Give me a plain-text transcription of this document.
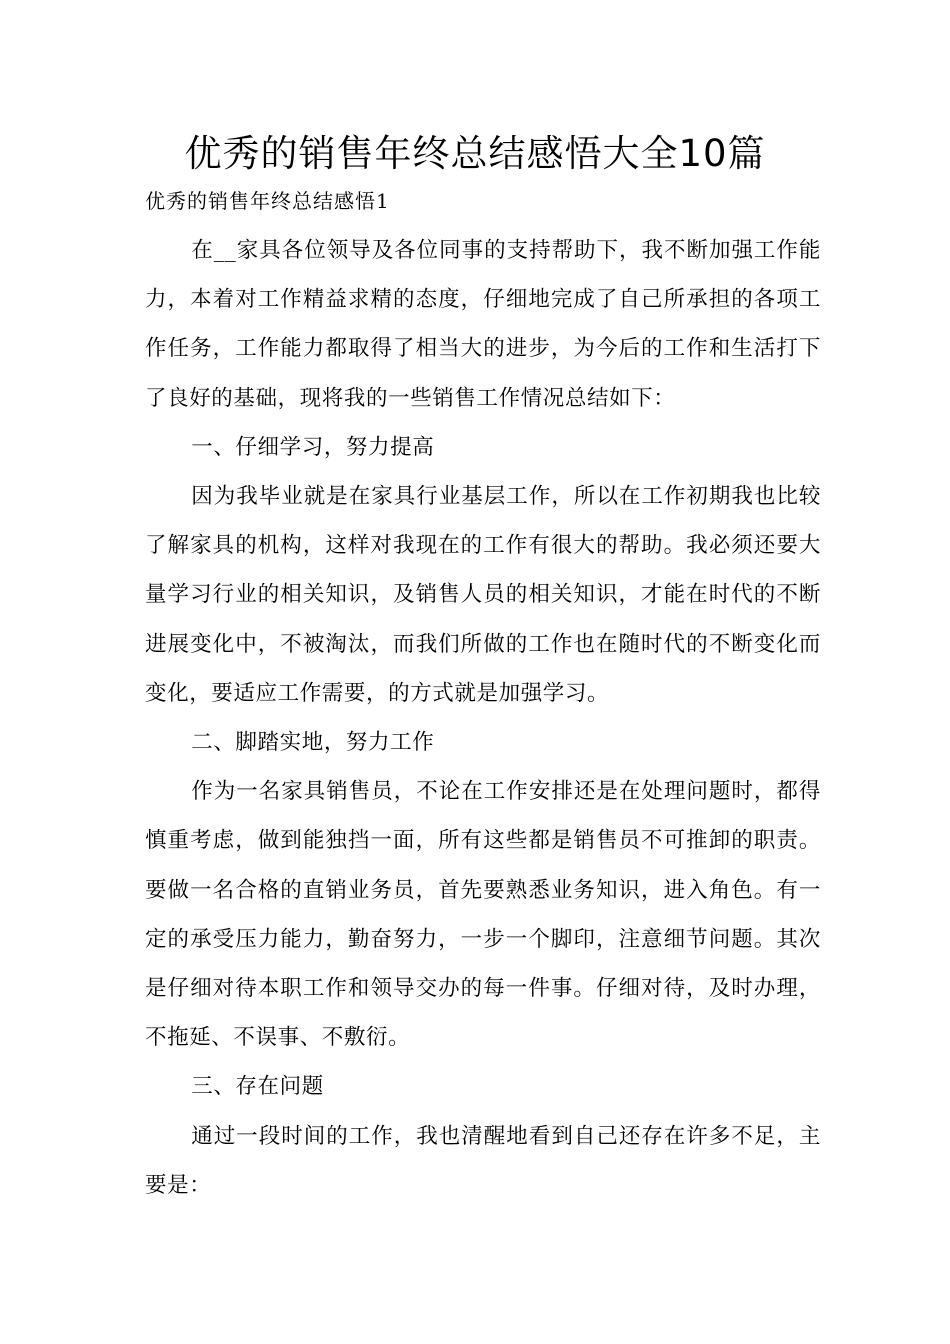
优秀的销售年终总结感悟大全10篇
优秀的销售年终总结感悟1

在__家具各位领导及各位同事的支持帮助下，我不断加强工作能力，本着对工作精益求精的态度，仔细地完成了自己所承担的各项工作任务，工作能力都取得了相当大的进步，为今后的工作和生活打下了良好的基础，现将我的一些销售工作情况总结如下：

一、仔细学习，努力提高

因为我毕业就是在家具行业基层工作，所以在工作初期我也比较了解家具的机构，这样对我现在的工作有很大的帮助。我必须还要大量学习行业的相关知识，及销售人员的相关知识，才能在时代的不断进展变化中，不被淘汰，而我们所做的工作也在随时代的不断变化而变化，要适应工作需要，的方式就是加强学习。

二、脚踏实地，努力工作

作为一名家具销售员，不论在工作安排还是在处理问题时，都得慎重考虑，做到能独挡一面，所有这些都是销售员不可推卸的职责。要做一名合格的直销业务员，首先要熟悉业务知识，进入角色。有一定的承受压力能力，勤奋努力，一步一个脚印，注意细节问题。其次是仔细对待本职工作和领导交办的每一件事。仔细对待，及时办理，不拖延、不误事、不敷衍。

三、存在问题

通过一段时间的工作，我也清醒地看到自己还存在许多不足，主要是：
